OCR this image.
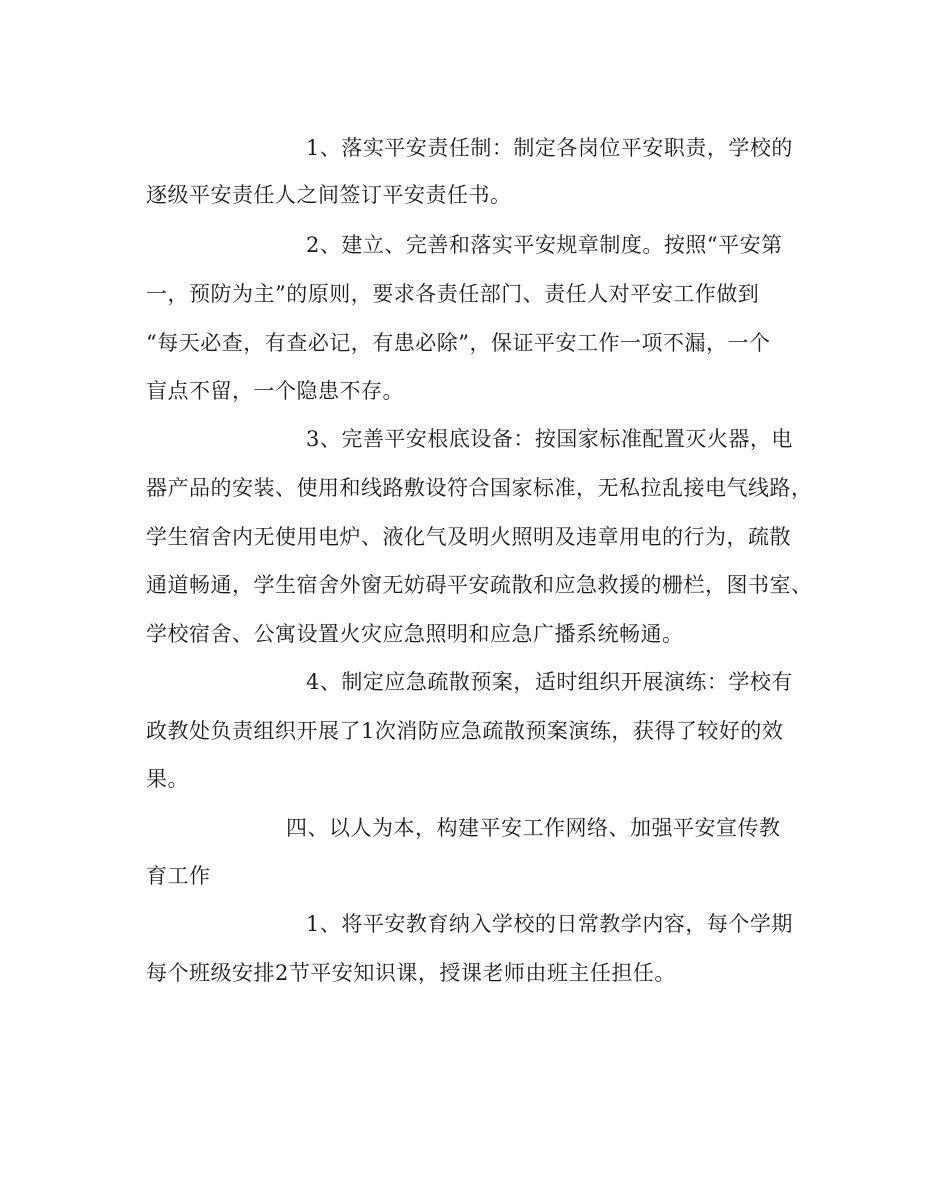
1、落实平安责任制：制定各岗位平安职责，学校的
逐级平安责任人之间签订平安责任书。
2、建立、完善和落实平安规章制度。按照“平安第
一，预防为主”的原则，要求各责任部门、责任人对平安工作做到
“每天必查，有查必记，有患必除”，保证平安工作一项不漏，一个
盲点不留，一个隐患不存。
3、完善平安根底设备：按国家标准配置灭火器，电
器产品的安装、使用和线路敷设符合国家标准，无私拉乱接电气线路，
学生宿舍内无使用电炉、液化气及明火照明及违章用电的行为，疏散
通道畅通，学生宿舍外窗无妨碍平安疏散和应急救援的栅栏，图书室、
学校宿舍、公寓设置火灾应急照明和应急广播系统畅通。
4、制定应急疏散预案，适时组织开展演练：学校有
政教处负责组织开展了1次消防应急疏散预案演练，获得了较好的效
果。
四、以人为本，构建平安工作网络、加强平安宣传教
育工作
1、将平安教育纳入学校的日常教学内容，每个学期
每个班级安排2节平安知识课，授课老师由班主任担任。
